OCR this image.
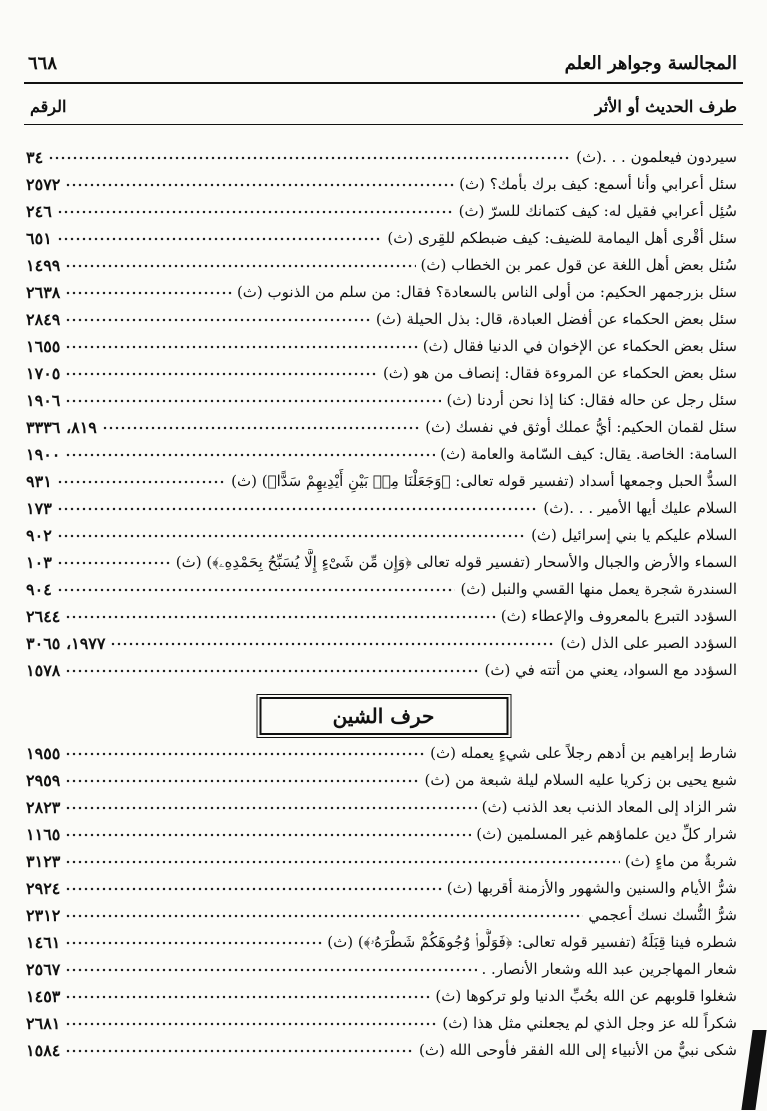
المجالسة وجواهر العلم
٦٦٨
طرف الحديث أو الأثر
الرقم
سيردون فيعلمون . . .(ث)
٣٤
سئل أعرابي وأنا أسمع: كيف برك بأمك؟ (ث)
٢٥٧٢
سُئِل أعرابي فقيل له: كيف كتمانك للسرّ (ث)
٢٤٦
سئل أقْرى أهل اليمامة للضيف: كيف ضبطكم للقِرى (ث)
٦٥١
سُئل بعض أهل اللغة عن قول عمر بن الخطاب (ث)
١٤٩٩
سئل بزرجمهر الحكيم: من أولى الناس بالسعادة؟ فقال: من سلم من الذنوب (ث)
٢٦٣٨
سئل بعض الحكماء عن أفضل العبادة، قال: بذل الحيلة (ث)
٢٨٤٩
سئل بعض الحكماء عن الإخوان في الدنيا فقال (ث)
١٦٥٥
سئل بعض الحكماء عن المروءة فقال: إنصاف من هو (ث)
١٧٠٥
سئل رجل عن حاله فقال: كنا إذا نحن أردنا (ث)
١٩٠٦
سئل لقمان الحكيم: أيُّ عملك أوثق في نفسك (ث)
٨١٩، ٣٣٣٦
السامة: الخاصة. يقال: كيف السّامة والعامة (ث)
١٩٠٠
السدُّ الحبل وجمعها أسداد (تفسير قوله تعالى: ﴿وَجَعَلْنَا مِنۢ بَيْنِ أَيْدِيهِمْ سَدًّا﴾) (ث)
٩٣١
السلام عليك أيها الأمير . . .(ث)
١٧٣
السلام عليكم يا بني إسرائيل (ث)
٩٠٢
السماء والأرض والجبال والأسحار (تفسير قوله تعالى ﴿وَإِن مِّن شَىْءٍ إِلَّا يُسَبِّحُ بِحَمْدِهِۦ﴾) (ث)
١٠٣
السندرة شجرة يعمل منها القسي والنبل (ث)
٩٠٤
السؤدد التبرع بالمعروف والإعطاء (ث)
٢٦٤٤
السؤدد الصبر على الذل (ث)
١٩٧٧، ٣٠٦٥
السؤدد مع السواد، يعني من أتته في (ث)
١٥٧٨
حرف الشين
شارط إبراهيم بن أدهم رجلاً على شيءٍ يعمله (ث)
١٩٥٥
شبع يحيى بن زكريا عليه السلام ليلة شبعة من (ث)
٢٩٥٩
شر الزاد إلى المعاد الذنب بعد الذنب (ث)
٢٨٢٣
شرار كلِّ دين علماؤهم غير المسلمين (ث)
١١٦٥
شربةٌ من ماءٍ (ث)
٣١٢٣
شرُّ الأيام والسنين والشهور والأزمنة أقربها (ث)
٢٩٢٤
شرُّ النُّسك نسك أعجمي
٢٣١٢
شطره فينا قِبَلَهُ (تفسير قوله تعالى: ﴿فَوَلُّوا۟ وُجُوهَكُمْ شَطْرَهُۥ﴾) (ث)
١٤٦١
شعار المهاجرين عبد الله وشعار الأنصار. .
٢٥٦٧
شغلوا قلوبهم عن الله بحُبِّ الدنيا ولو تركوها (ث)
١٤٥٣
شكراً لله عز وجل الذي لم يجعلني مثل هذا (ث)
٢٦٨١
شكى نبيٌّ من الأنبياء إلى الله الفقر فأوحى الله (ث)
١٥٨٤
